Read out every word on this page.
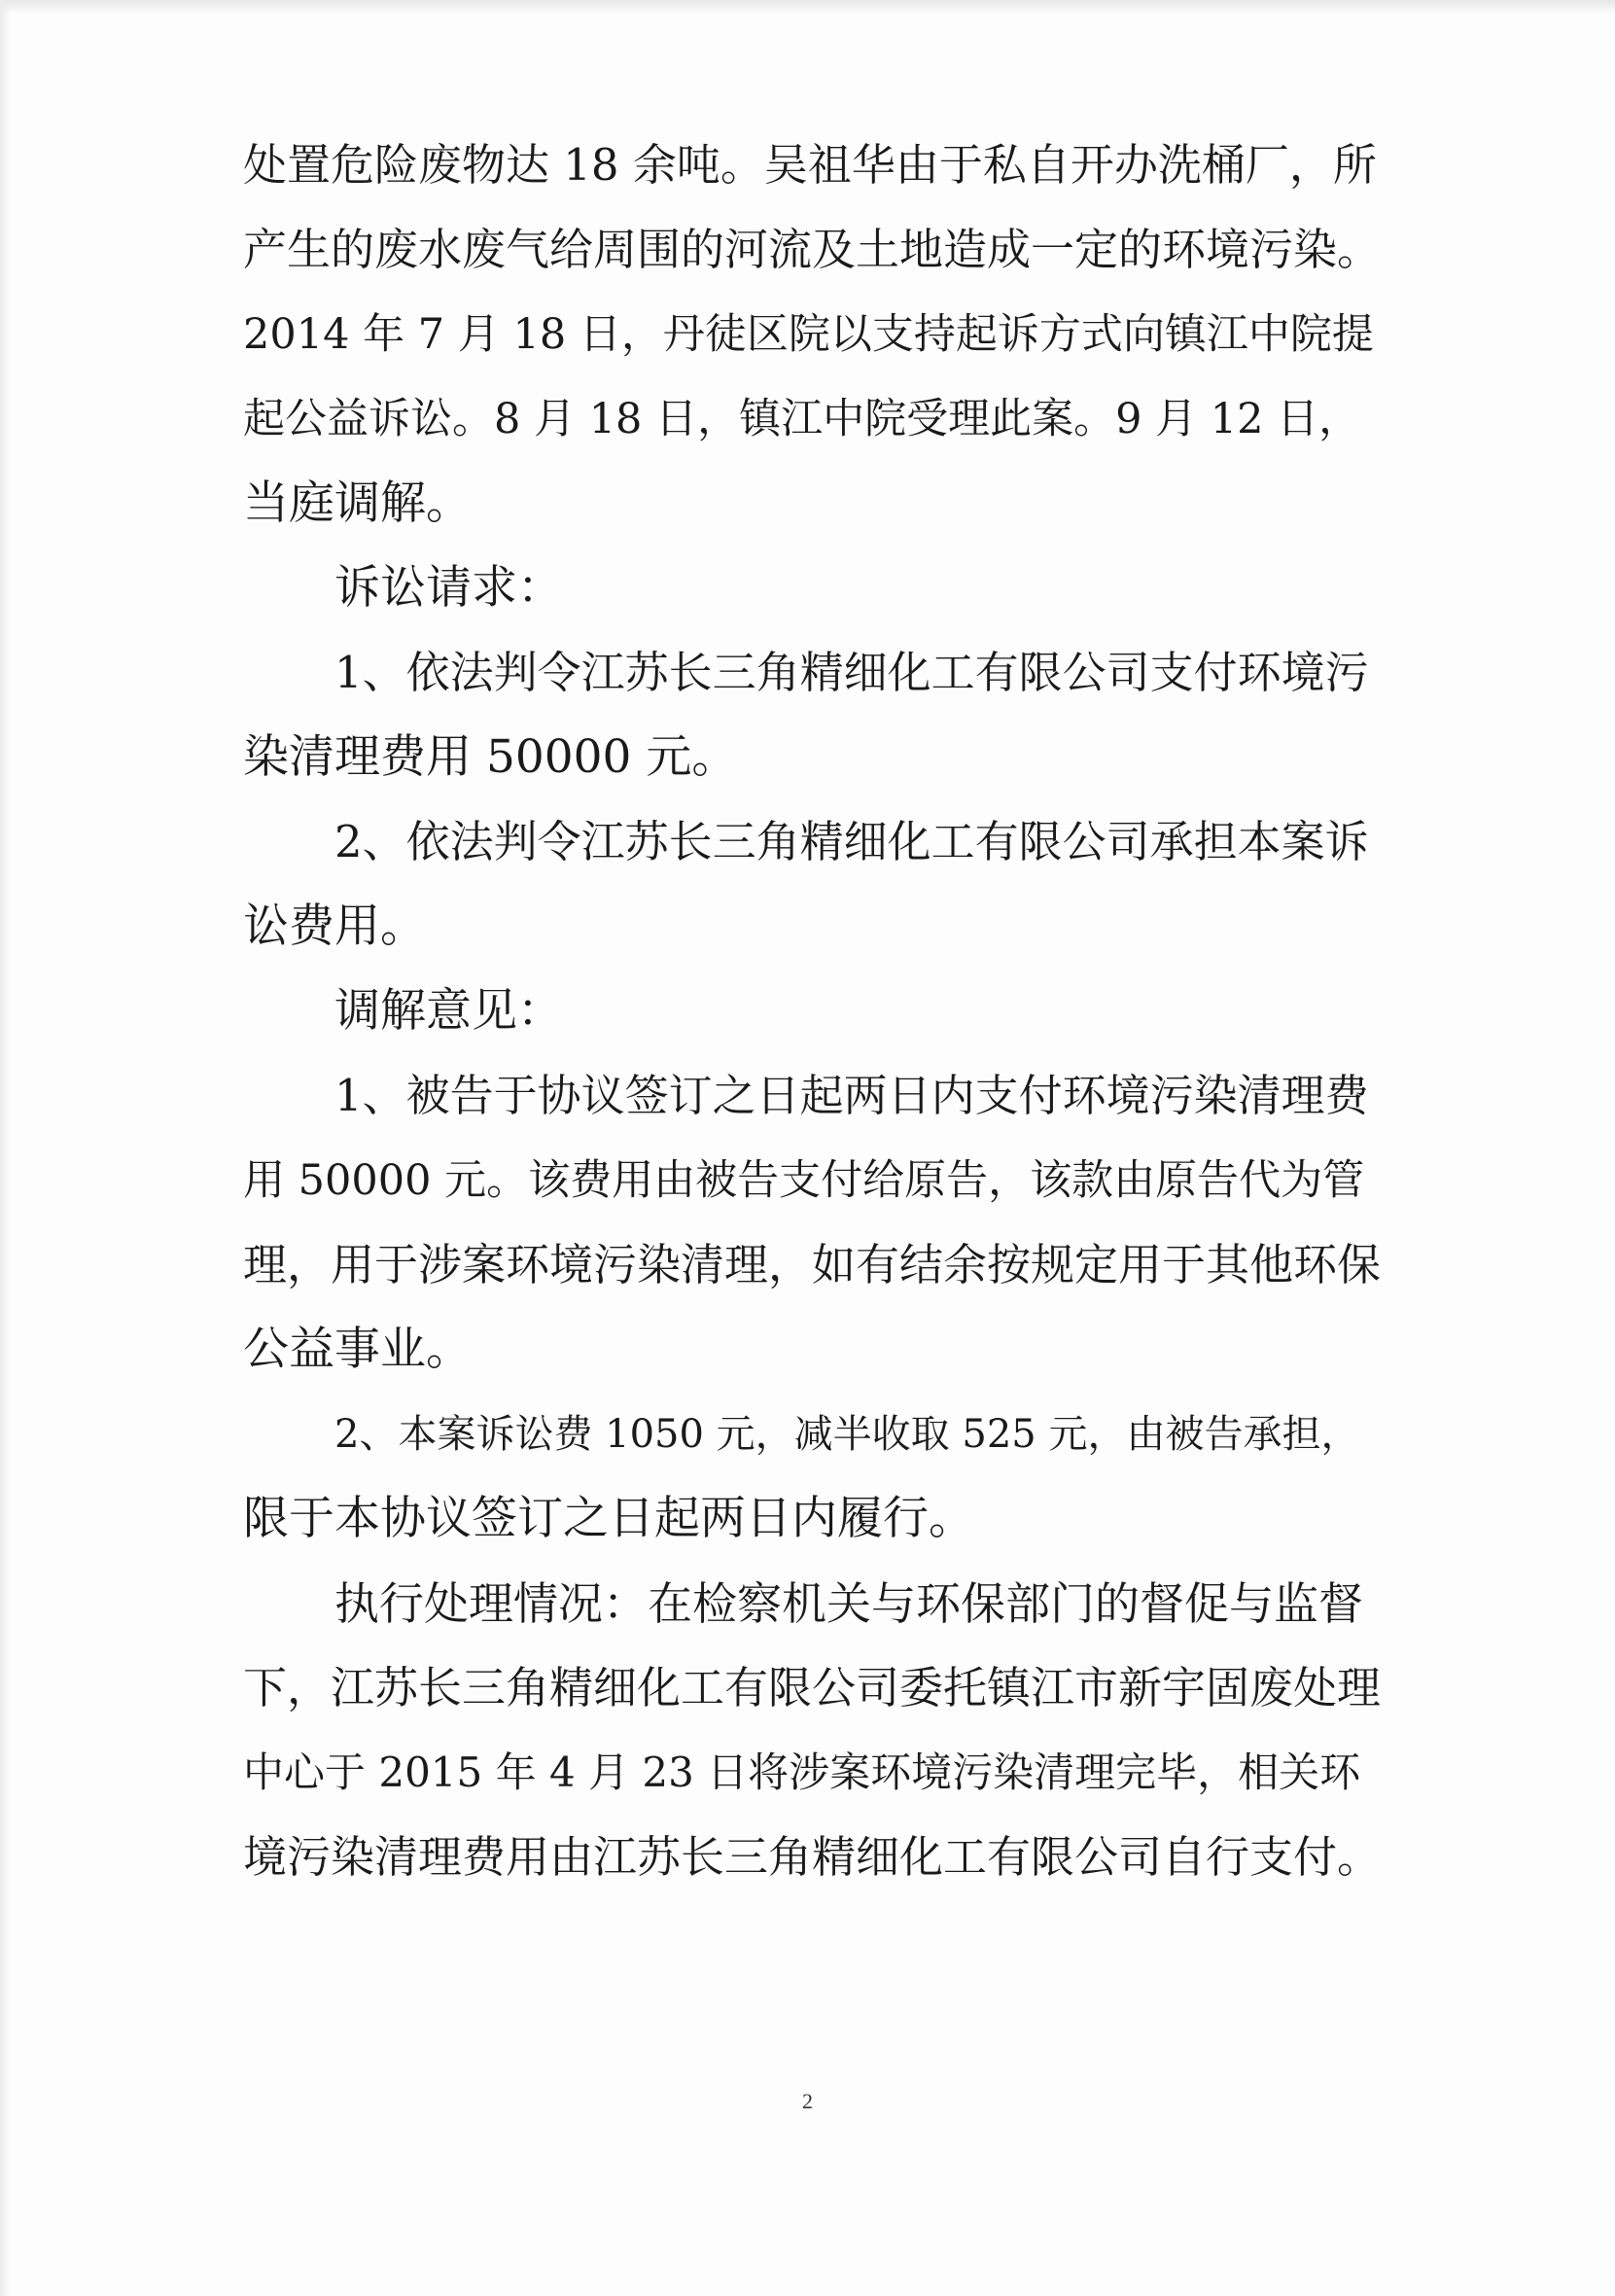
处置危险废物达 18 余吨。吴祖华由于私自开办洗桶厂，所

产生的废水废气给周围的河流及土地造成一定的环境污染。

2014 年 7 月 18 日，丹徒区院以支持起诉方式向镇江中院提

起公益诉讼。8 月 18 日，镇江中院受理此案。9 月 12 日，

当庭调解。

诉讼请求：

1、依法判令江苏长三角精细化工有限公司支付环境污

染清理费用 50000 元。

2、依法判令江苏长三角精细化工有限公司承担本案诉

讼费用。

调解意见：

1、被告于协议签订之日起两日内支付环境污染清理费

用 50000 元。该费用由被告支付给原告，该款由原告代为管

理，用于涉案环境污染清理，如有结余按规定用于其他环保

公益事业。

2、本案诉讼费 1050 元，减半收取 525 元，由被告承担，

限于本协议签订之日起两日内履行。

执行处理情况：在检察机关与环保部门的督促与监督

下，江苏长三角精细化工有限公司委托镇江市新宇固废处理

中心于 2015 年 4 月 23 日将涉案环境污染清理完毕，相关环

境污染清理费用由江苏长三角精细化工有限公司自行支付。

2
